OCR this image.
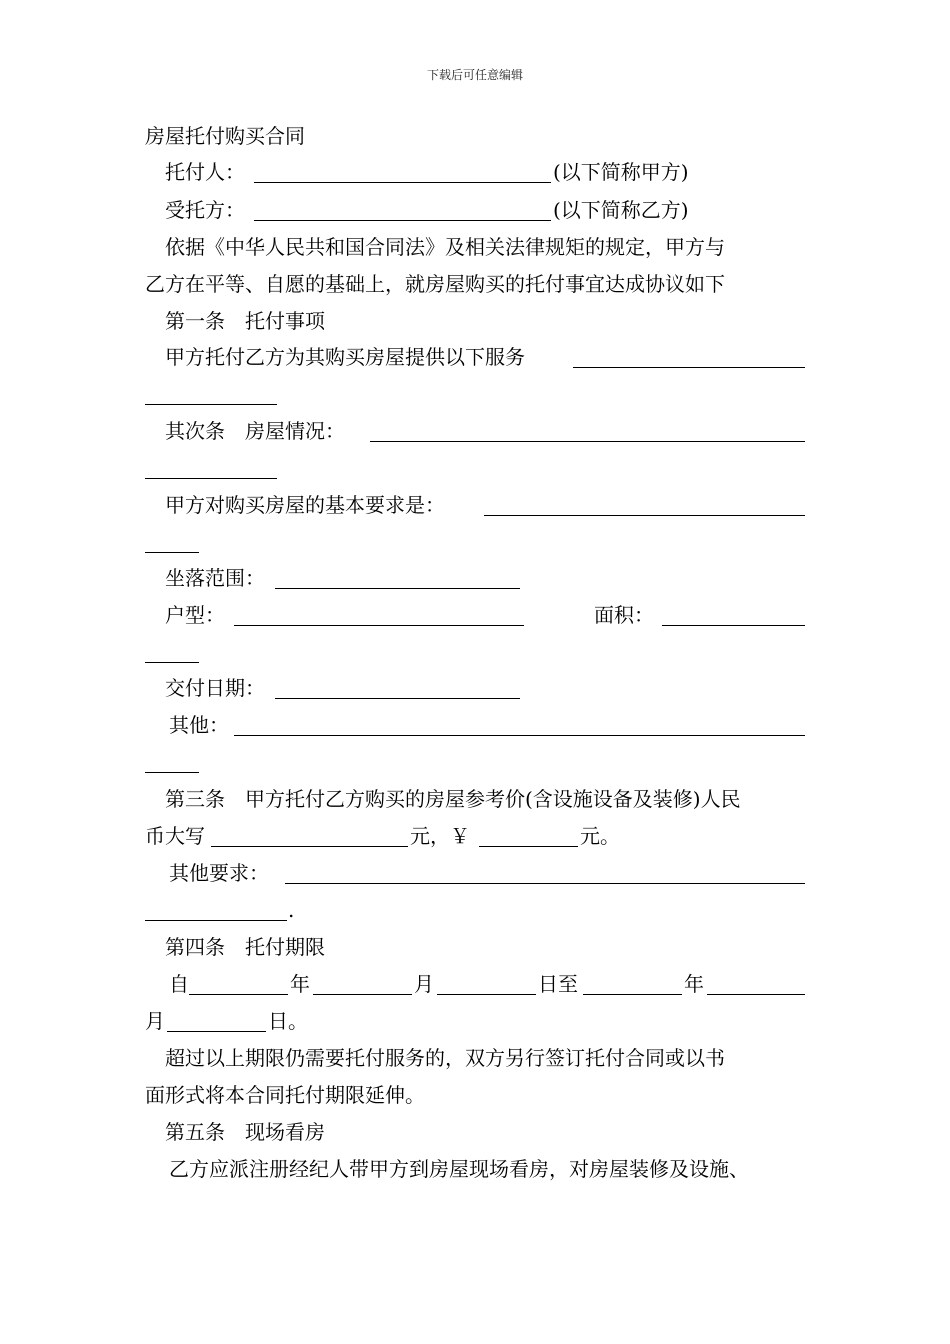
下载后可任意编辑

房屋托付购买合同

托付人：

	(以下简称甲方)

受托方：

	(以下简称乙方)

依据《中华人民共和国合同法》及相关法律规矩的规定，甲方与

乙方在平等、自愿的基础上，就房屋购买的托付事宜达成协议如下

第一条　托付事项

甲方托付乙方为其购买房屋提供以下服务

其次条　房屋情况：

甲方对购买房屋的基本要求是：

坐落范围：

户型：

	面积：

交付日期：

其他：

第三条　甲方托付乙方购买的房屋参考价(含设施设备及装修)人民

币大写

	元，￥

	元。

其他要求：

.

第四条　托付期限

自

	年

	月

	日至

	年

月

	日。

超过以上期限仍需要托付服务的，双方另行签订托付合同或以书

面形式将本合同托付期限延伸。

第五条　现场看房

乙方应派注册经纪人带甲方到房屋现场看房，对房屋装修及设施、
